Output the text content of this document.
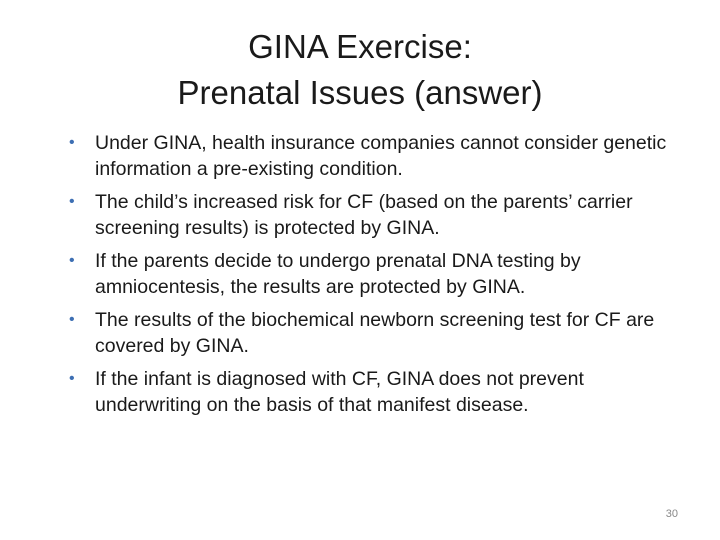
GINA Exercise:
Prenatal Issues (answer)
• Under GINA, health insurance companies cannot consider genetic information a pre-existing condition.
• The child’s increased risk for CF (based on the parents’ carrier screening results) is protected by GINA.
• If the parents decide to undergo prenatal DNA testing by amniocentesis, the results are protected by GINA.
• The results of the biochemical newborn screening test for CF are covered by GINA.
• If the infant is diagnosed with CF, GINA does not prevent underwriting on the basis of that manifest disease.
30
